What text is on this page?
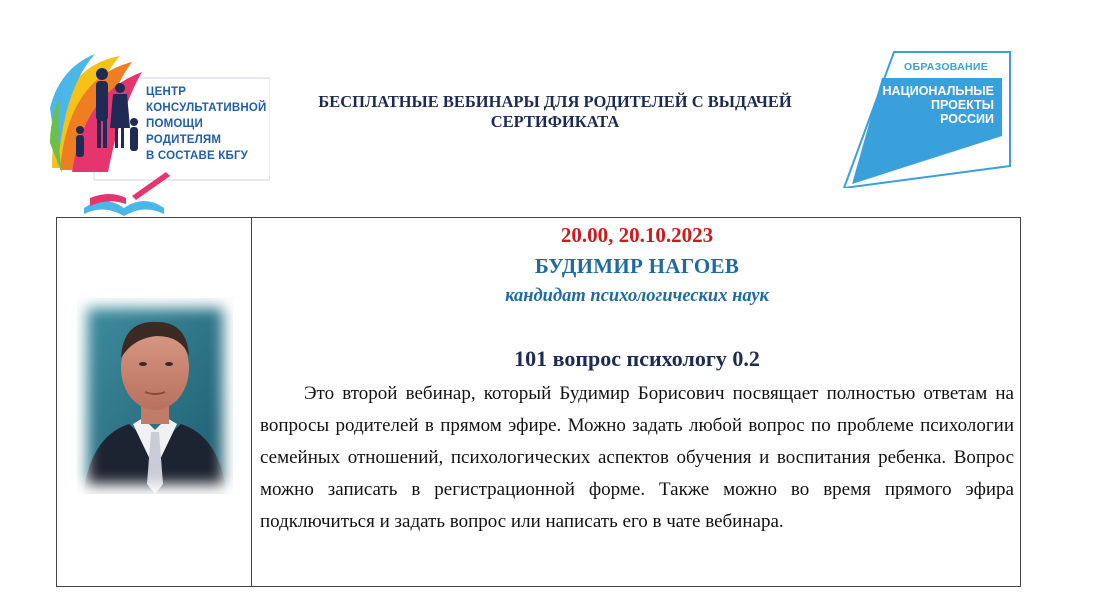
ЦЕНТР
КОНСУЛЬТАТИВНОЙ
ПОМОЩИ
РОДИТЕЛЯМ
В СОСТАВЕ КБГУ
БЕСПЛАТНЫЕ ВЕБИНАРЫ ДЛЯ РОДИТЕЛЕЙ С ВЫДАЧЕЙ
СЕРТИФИКАТА
ОБРАЗОВАНИЕ
НАЦИОНАЛЬНЫЕ
ПРОЕКТЫ
РОССИИ
20.00, 20.10.2023
БУДИМИР НАГОЕВ
кандидат психологических наук
101 вопрос психологу 0.2

Это второй вебинар, который Будимир Борисович посвящает полностью ответам на вопросы родителей в прямом эфире. Можно задать любой вопрос по проблеме психологии семейных отношений, психологических аспектов обучения и воспитания ребенка. Вопрос можно записать в регистрационной форме. Также можно во время прямого эфира подключиться и задать вопрос или написать его в чате вебинара.
